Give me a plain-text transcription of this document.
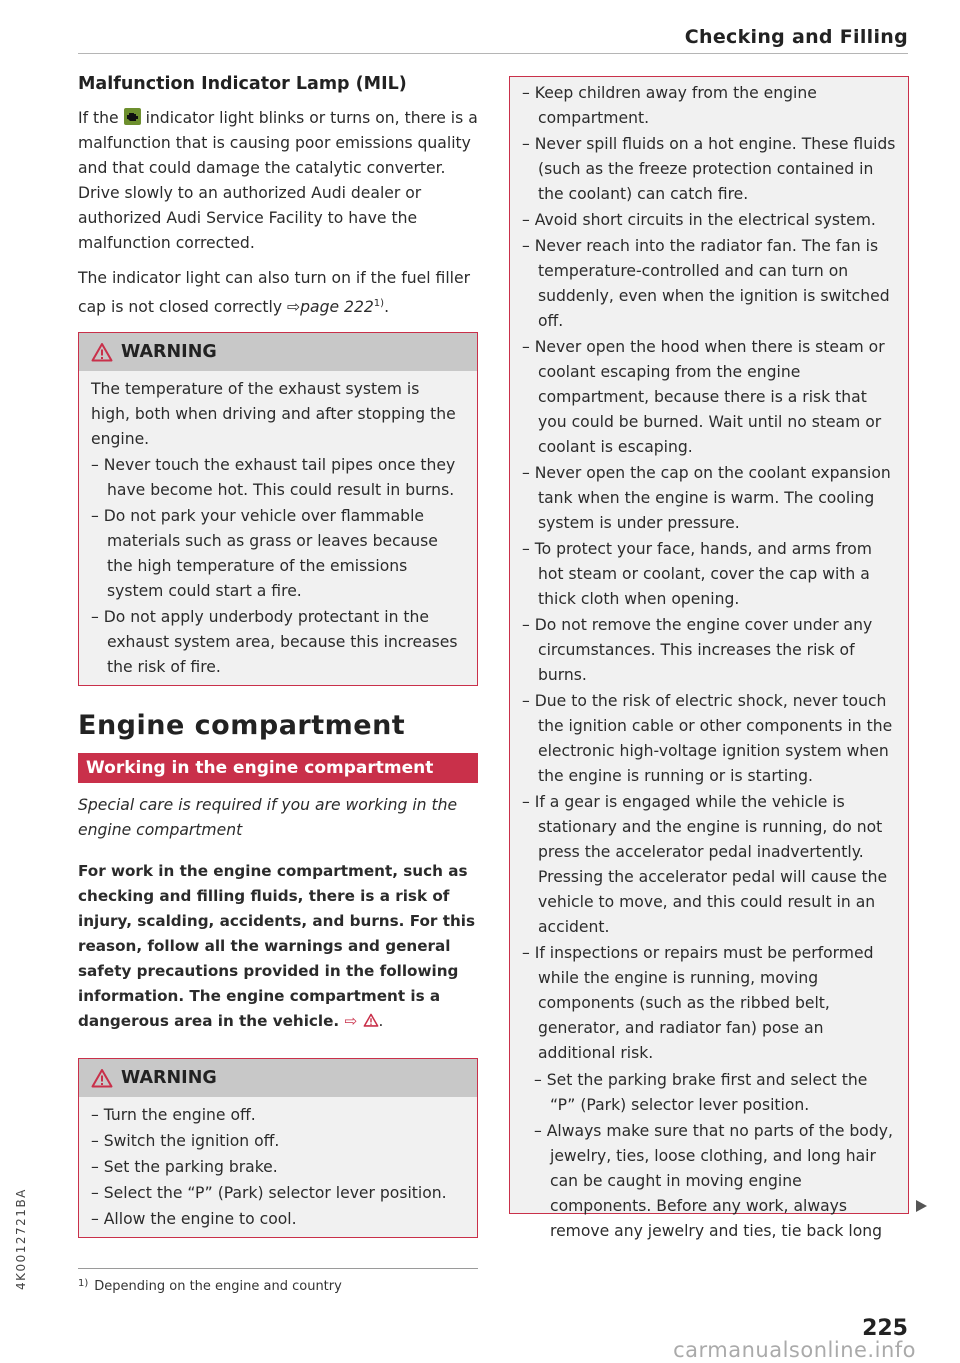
Checking and Filling
Malfunction Indicator Lamp (MIL)

If the indicator light blinks or turns on, there is a malfunction that is causing poor emissions quality and that could damage the catalytic converter. Drive slowly to an authorized Audi dealer or authorized Audi Service Facility to have the malfunction corrected.

The indicator light can also turn on if the fuel filler cap is not closed correctly ⇨page 222$^{1)}$.

WARNING

The temperature of the exhaust system is high, both when driving and after stopping the engine.

– Never touch the exhaust tail pipes once they have become hot. This could result in burns.
– Do not park your vehicle over flammable materials such as grass or leaves because the high temperature of the emissions system could start a fire.
– Do not apply underbody protectant in the exhaust system area, because this increases the risk of fire.
Engine compartment
Working in the engine compartment

Special care is required if you are working in the engine compartment

For work in the engine compartment, such as checking and filling fluids, there is a risk of injury, scalding, accidents, and burns. For this reason, follow all the warnings and general safety precautions provided in the following information. The engine compartment is a dangerous area in the vehicle. ⇨ .

WARNING
– Turn the engine off.
– Switch the ignition off.
– Set the parking brake.
– Select the “P” (Park) selector lever position.
– Allow the engine to cool.
– Keep children away from the engine compartment.
– Never spill fluids on a hot engine. These fluids (such as the freeze protection contained in the coolant) can catch fire.
– Avoid short circuits in the electrical system.
– Never reach into the radiator fan. The fan is temperature-controlled and can turn on suddenly, even when the ignition is switched off.
– Never open the hood when there is steam or coolant escaping from the engine compartment, because there is a risk that you could be burned. Wait until no steam or coolant is escaping.
– Never open the cap on the coolant expansion tank when the engine is warm. The cooling system is under pressure.
– To protect your face, hands, and arms from hot steam or coolant, cover the cap with a thick cloth when opening.
– Do not remove the engine cover under any circumstances. This increases the risk of burns.
– Due to the risk of electric shock, never touch the ignition cable or other components in the electronic high-voltage ignition system when the engine is running or is starting.
– If a gear is engaged while the vehicle is stationary and the engine is running, do not press the accelerator pedal inadvertently. Pressing the accelerator pedal will cause the vehicle to move, and this could result in an accident.
– If inspections or repairs must be performed while the engine is running, moving components (such as the ribbed belt, generator, and radiator fan) pose an additional risk.
– Set the parking brake first and select the “P” (Park) selector lever position.
– Always make sure that no parts of the body, jewelry, ties, loose clothing, and long hair can be caught in moving engine components. Before any work, always remove any jewelry and ties, tie back long
$^{1)}$ Depending on the engine and country
4K0012721BA
225
carmanualsonline.info
